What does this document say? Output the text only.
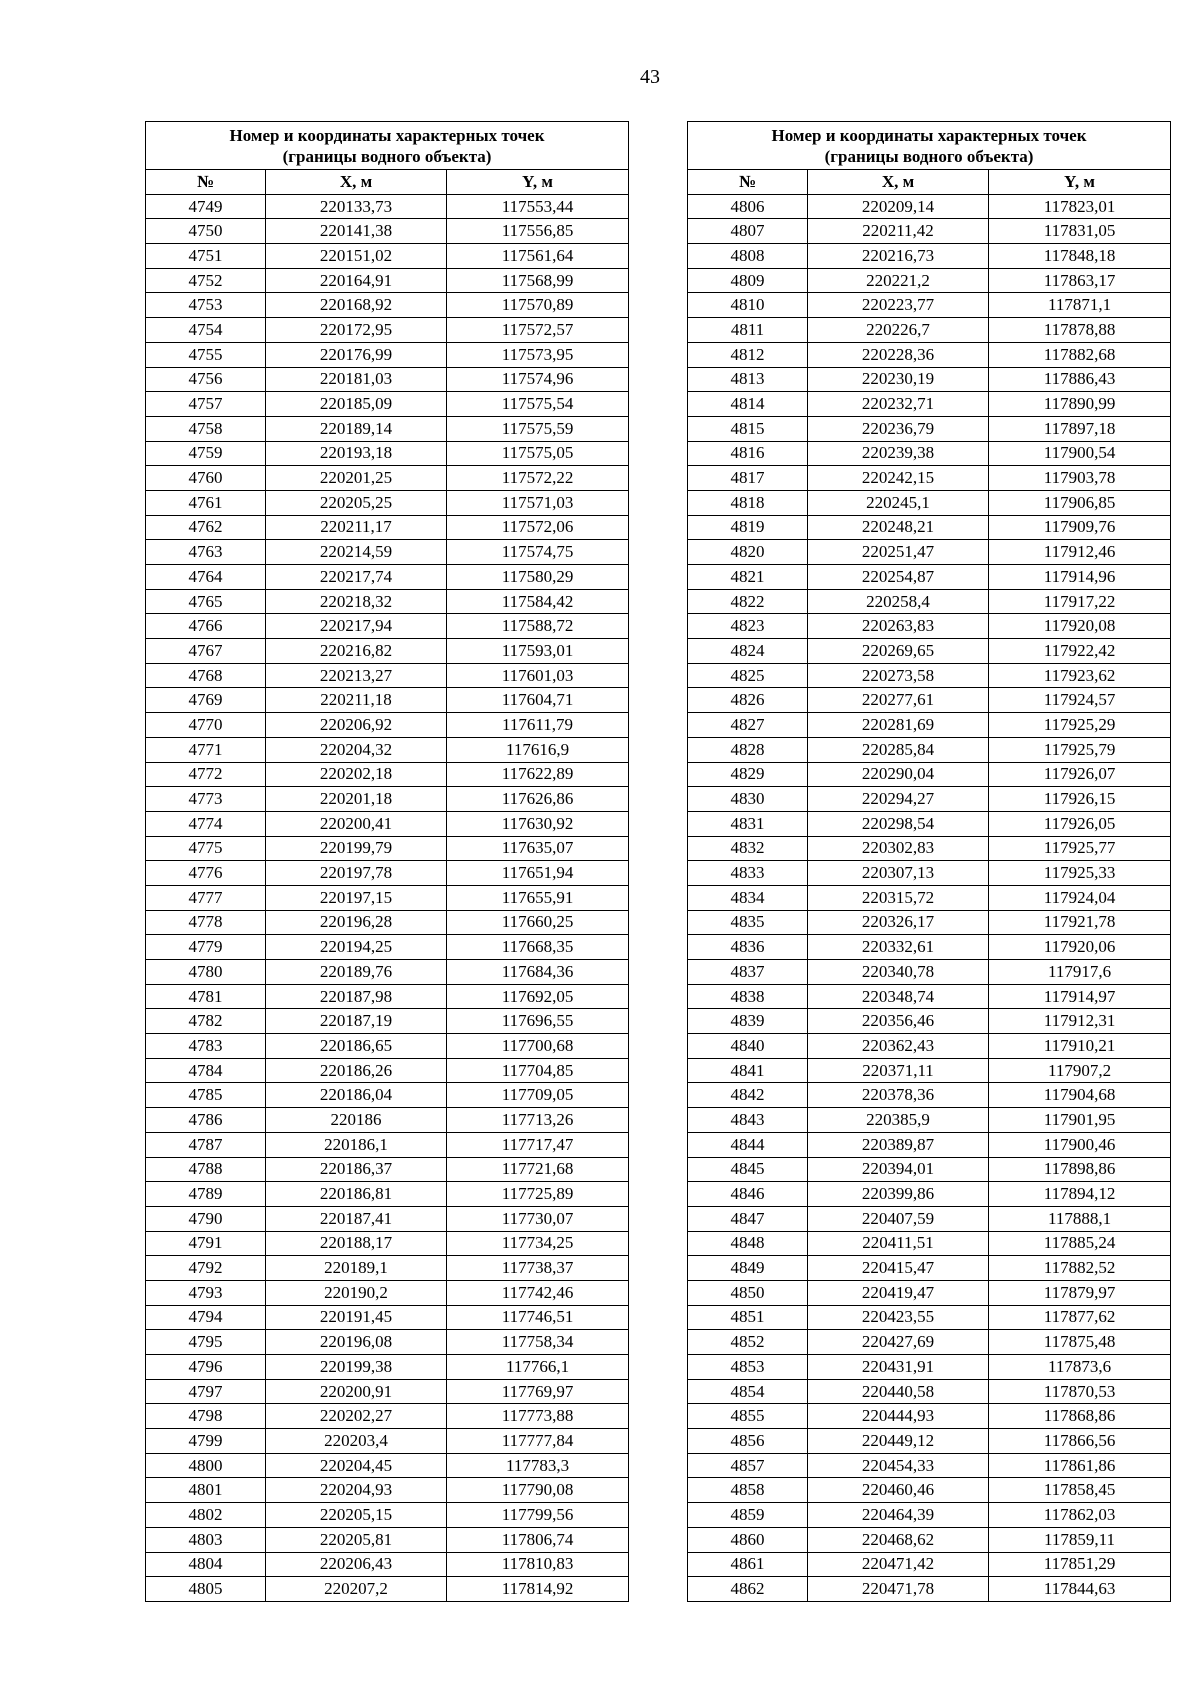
43
Номер и координаты характерных точек
(границы водного объекта)		
№	X, м	Y, м
4749	220133,73	117553,44
4750	220141,38	117556,85
4751	220151,02	117561,64
4752	220164,91	117568,99
4753	220168,92	117570,89
4754	220172,95	117572,57
4755	220176,99	117573,95
4756	220181,03	117574,96
4757	220185,09	117575,54
4758	220189,14	117575,59
4759	220193,18	117575,05
4760	220201,25	117572,22
4761	220205,25	117571,03
4762	220211,17	117572,06
4763	220214,59	117574,75
4764	220217,74	117580,29
4765	220218,32	117584,42
4766	220217,94	117588,72
4767	220216,82	117593,01
4768	220213,27	117601,03
4769	220211,18	117604,71
4770	220206,92	117611,79
4771	220204,32	117616,9
4772	220202,18	117622,89
4773	220201,18	117626,86
4774	220200,41	117630,92
4775	220199,79	117635,07
4776	220197,78	117651,94
4777	220197,15	117655,91
4778	220196,28	117660,25
4779	220194,25	117668,35
4780	220189,76	117684,36
4781	220187,98	117692,05
4782	220187,19	117696,55
4783	220186,65	117700,68
4784	220186,26	117704,85
4785	220186,04	117709,05
4786	220186	117713,26
4787	220186,1	117717,47
4788	220186,37	117721,68
4789	220186,81	117725,89
4790	220187,41	117730,07
4791	220188,17	117734,25
4792	220189,1	117738,37
4793	220190,2	117742,46
4794	220191,45	117746,51
4795	220196,08	117758,34
4796	220199,38	117766,1
4797	220200,91	117769,97
4798	220202,27	117773,88
4799	220203,4	117777,84
4800	220204,45	117783,3
4801	220204,93	117790,08
4802	220205,15	117799,56
4803	220205,81	117806,74
4804	220206,43	117810,83
4805	220207,2	117814,92
Номер и координаты характерных точек
(границы водного объекта)		
№	X, м	Y, м
4806	220209,14	117823,01
4807	220211,42	117831,05
4808	220216,73	117848,18
4809	220221,2	117863,17
4810	220223,77	117871,1
4811	220226,7	117878,88
4812	220228,36	117882,68
4813	220230,19	117886,43
4814	220232,71	117890,99
4815	220236,79	117897,18
4816	220239,38	117900,54
4817	220242,15	117903,78
4818	220245,1	117906,85
4819	220248,21	117909,76
4820	220251,47	117912,46
4821	220254,87	117914,96
4822	220258,4	117917,22
4823	220263,83	117920,08
4824	220269,65	117922,42
4825	220273,58	117923,62
4826	220277,61	117924,57
4827	220281,69	117925,29
4828	220285,84	117925,79
4829	220290,04	117926,07
4830	220294,27	117926,15
4831	220298,54	117926,05
4832	220302,83	117925,77
4833	220307,13	117925,33
4834	220315,72	117924,04
4835	220326,17	117921,78
4836	220332,61	117920,06
4837	220340,78	117917,6
4838	220348,74	117914,97
4839	220356,46	117912,31
4840	220362,43	117910,21
4841	220371,11	117907,2
4842	220378,36	117904,68
4843	220385,9	117901,95
4844	220389,87	117900,46
4845	220394,01	117898,86
4846	220399,86	117894,12
4847	220407,59	117888,1
4848	220411,51	117885,24
4849	220415,47	117882,52
4850	220419,47	117879,97
4851	220423,55	117877,62
4852	220427,69	117875,48
4853	220431,91	117873,6
4854	220440,58	117870,53
4855	220444,93	117868,86
4856	220449,12	117866,56
4857	220454,33	117861,86
4858	220460,46	117858,45
4859	220464,39	117862,03
4860	220468,62	117859,11
4861	220471,42	117851,29
4862	220471,78	117844,63
